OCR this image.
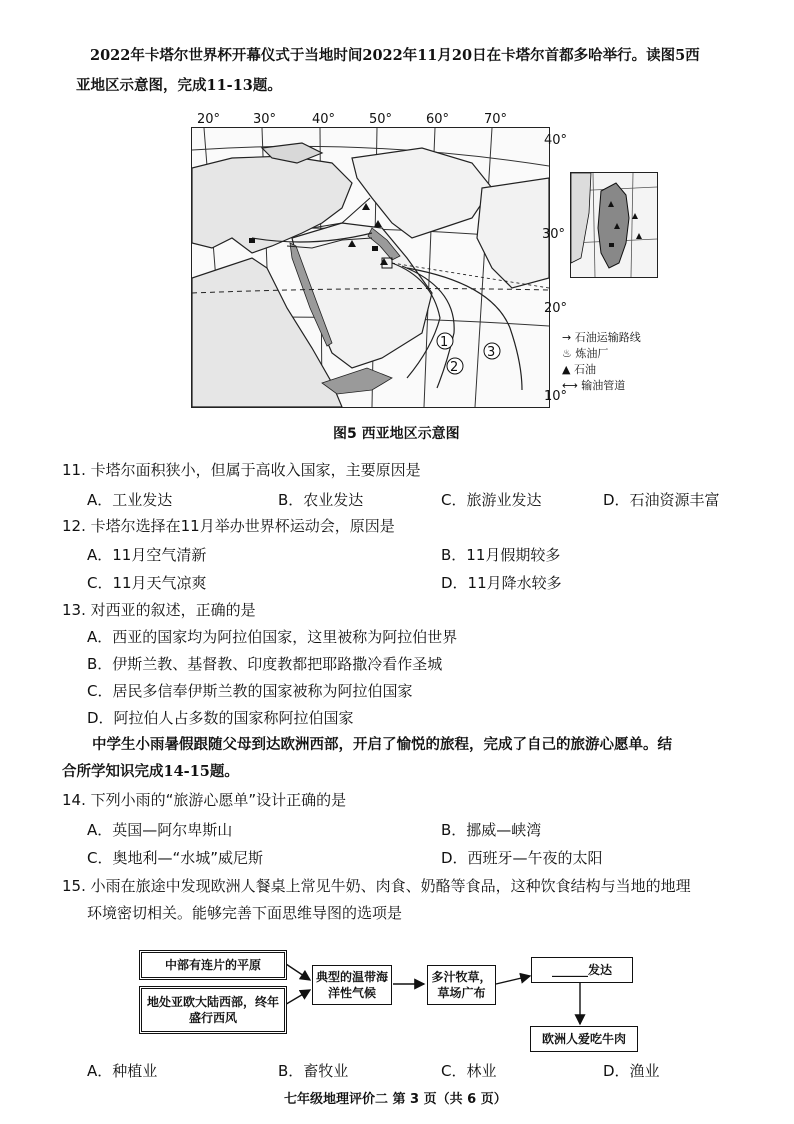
2022年卡塔尔世界杯开幕仪式于当地时间2022年11月20日在卡塔尔首都多哈举行。读图5西
亚地区示意图，完成11-13题。
20°	30°	40°	50°	60°	70°
1
2
3
40°
30°
20°
10°
→ 石油运输路线
♨ 炼油厂
▲ 石油
⟷ 输油管道
图5 西亚地区示意图
11. 卡塔尔面积狭小，但属于高收入国家，主要原因是
A．工业发达	B．农业发达	C．旅游业发达	D．石油资源丰富
12. 卡塔尔选择在11月举办世界杯运动会，原因是
A．11月空气清新	B．11月假期较多
C．11月天气凉爽	D．11月降水较多
13. 对西亚的叙述，正确的是
A．西亚的国家均为阿拉伯国家，这里被称为阿拉伯世界
B．伊斯兰教、基督教、印度教都把耶路撒冷看作圣城
C．居民多信奉伊斯兰教的国家被称为阿拉伯国家
D．阿拉伯人占多数的国家称阿拉伯国家
中学生小雨暑假跟随父母到达欧洲西部，开启了愉悦的旅程，完成了自己的旅游心愿单。结
合所学知识完成14-15题。
14. 下列小雨的“旅游心愿单”设计正确的是
A．英国—阿尔卑斯山	B．挪威—峡湾
C．奥地利—“水城”威尼斯	D．西班牙—午夜的太阳
15. 小雨在旅途中发现欧洲人餐桌上常见牛奶、肉食、奶酪等食品，这种饮食结构与当地的地理
环境密切相关。能够完善下面思维导图的选项是
中部有连片的平原
地处亚欧大陆西部，终年盛行西风
典型的温带海洋性气候
多汁牧草，草场广布
______发达
欧洲人爱吃牛肉
A．种植业	B．畜牧业	C．林业	D．渔业
七年级地理评价二 第 3 页（共 6 页）
